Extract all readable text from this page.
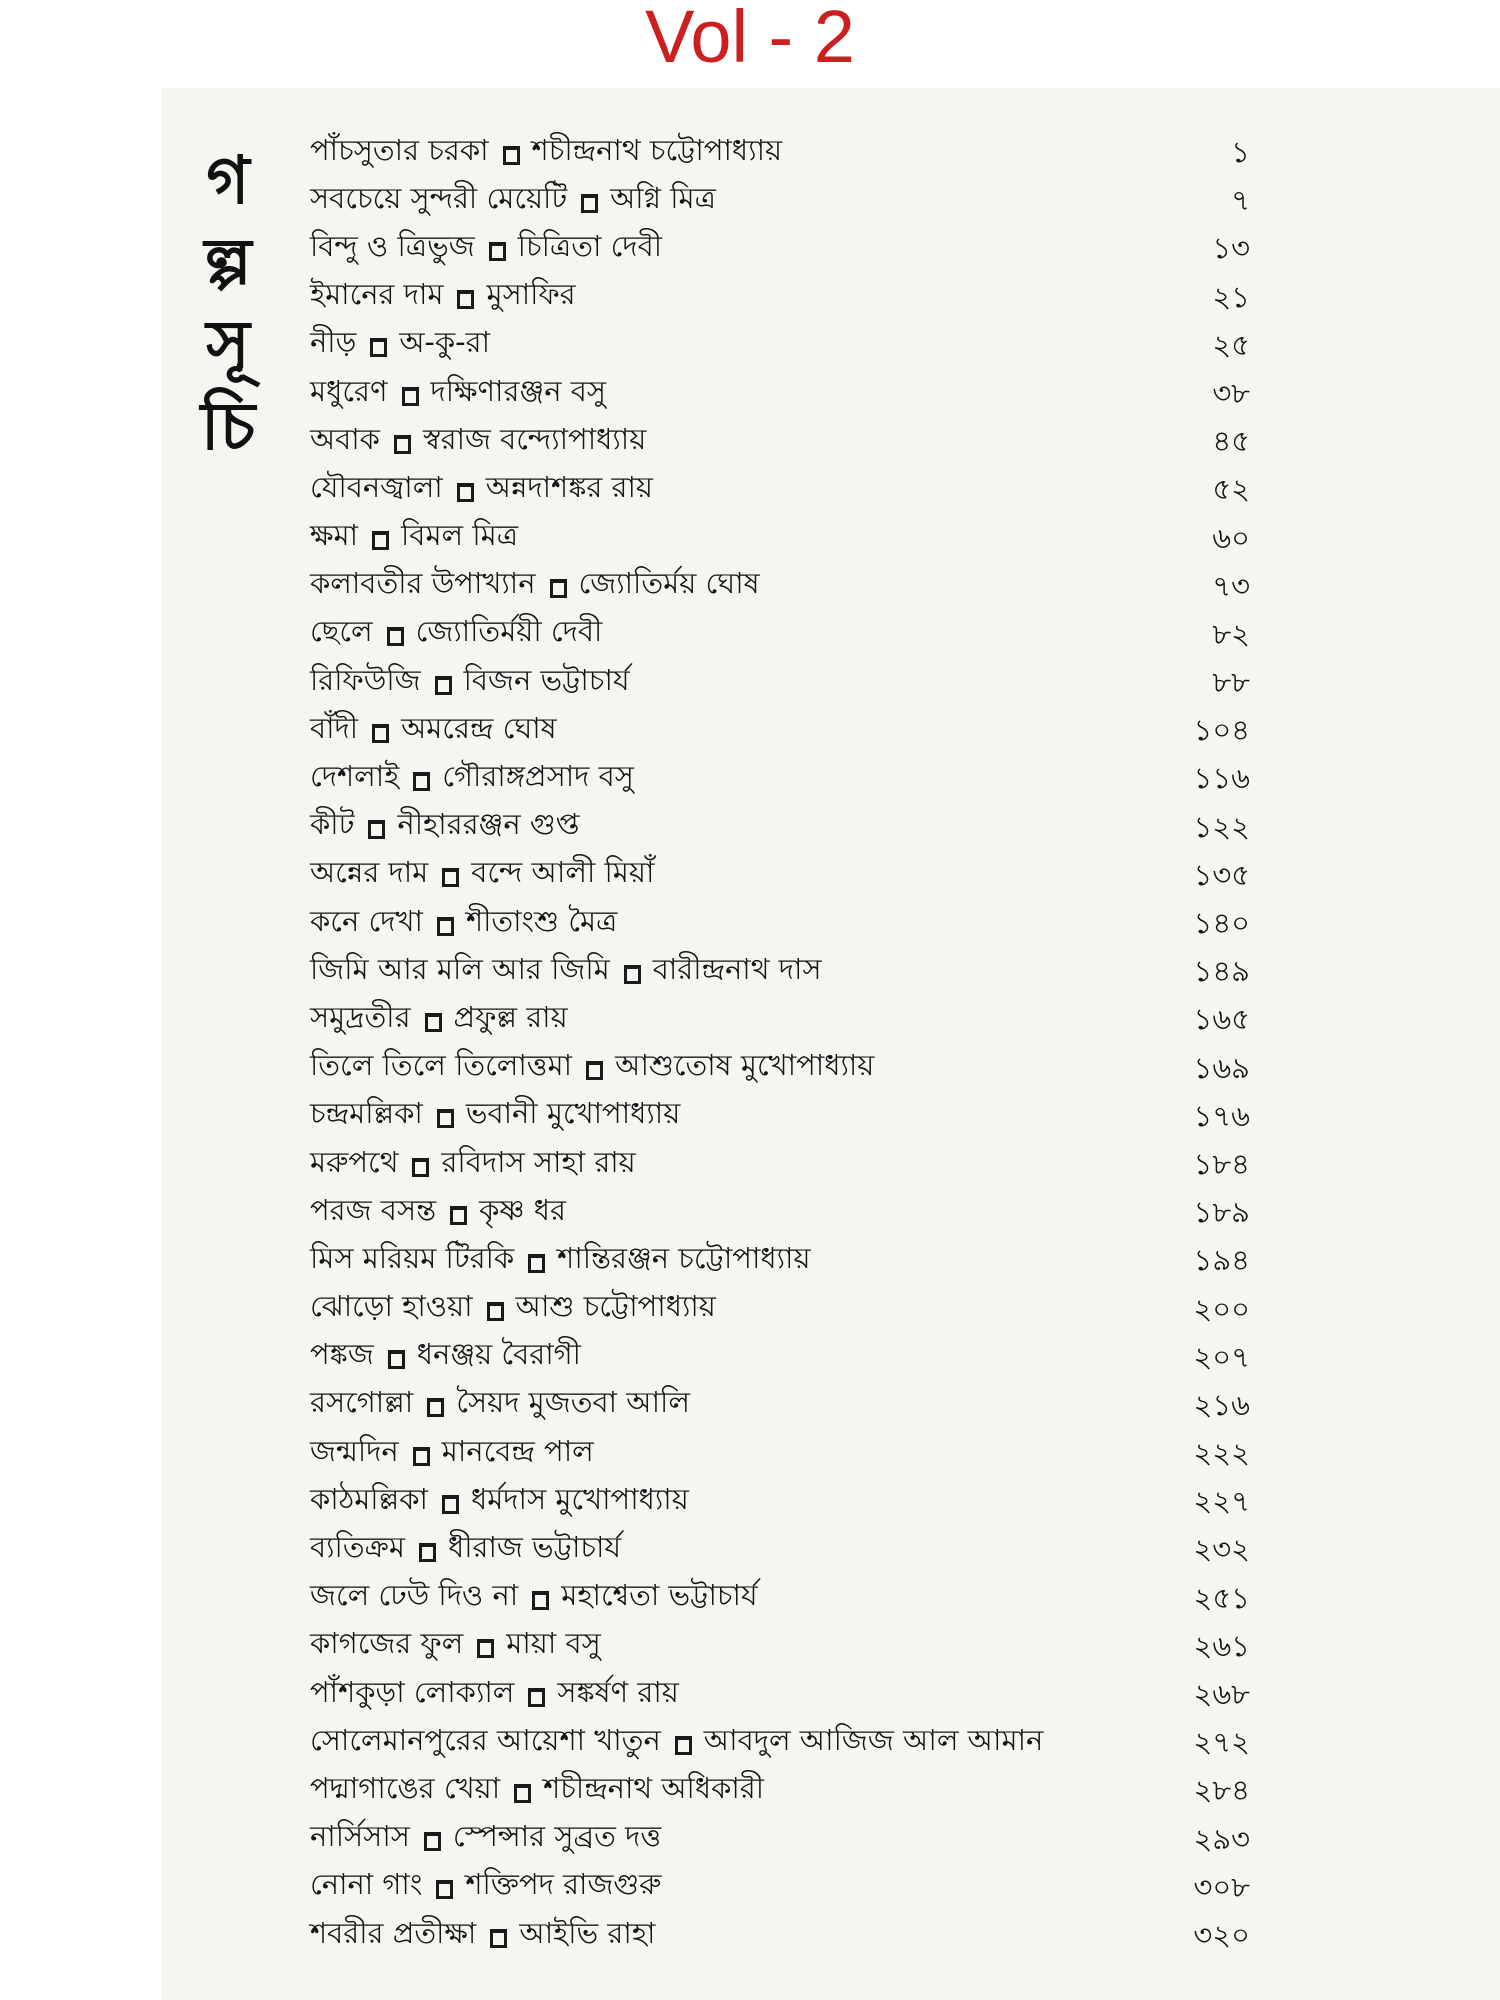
Vol - 2
গ
ল্প
সূ
চি
পাঁচসুতার চরকা শচীন্দ্রনাথ চট্টোপাধ্যায়	১
সবচেয়ে সুন্দরী মেয়েটি অগ্নি মিত্র	৭
বিন্দু ও ত্রিভুজ চিত্রিতা দেবী	১৩
ইমানের দাম মুসাফির	২১
নীড় অ-কু-রা	২৫
মধুরেণ দক্ষিণারঞ্জন বসু	৩৮
অবাক স্বরাজ বন্দ্যোপাধ্যায়	৪৫
যৌবনজ্বালা অন্নদাশঙ্কর রায়	৫২
ক্ষমা বিমল মিত্র	৬০
কলাবতীর উপাখ্যান জ্যোতির্ময় ঘোষ	৭৩
ছেলে জ্যোতির্ময়ী দেবী	৮২
রিফিউজি বিজন ভট্টাচার্য	৮৮
বাঁদী অমরেন্দ্র ঘোষ	১০৪
দেশলাই গৌরাঙ্গপ্রসাদ বসু	১১৬
কীট নীহাররঞ্জন গুপ্ত	১২২
অন্নের দাম বন্দে আলী মিয়াঁ	১৩৫
কনে দেখা শীতাংশু মৈত্র	১৪০
জিমি আর মলি আর জিমি বারীন্দ্রনাথ দাস	১৪৯
সমুদ্রতীর প্রফুল্ল রায়	১৬৫
তিলে তিলে তিলোত্তমা আশুতোষ মুখোপাধ্যায়	১৬৯
চন্দ্রমল্লিকা ভবানী মুখোপাধ্যায়	১৭৬
মরুপথে রবিদাস সাহা রায়	১৮৪
পরজ বসন্ত কৃষ্ণ ধর	১৮৯
মিস মরিয়ম টিরকি শান্তিরঞ্জন চট্টোপাধ্যায়	১৯৪
ঝোড়ো হাওয়া আশু চট্টোপাধ্যায়	২০০
পঙ্কজ ধনঞ্জয় বৈরাগী	২০৭
রসগোল্লা সৈয়দ মুজতবা আলি	২১৬
জন্মদিন মানবেন্দ্র পাল	২২২
কাঠমল্লিকা ধর্মদাস মুখোপাধ্যায়	২২৭
ব্যতিক্রম ধীরাজ ভট্টাচার্য	২৩২
জলে ঢেউ দিও না মহাশ্বেতা ভট্টাচার্য	২৫১
কাগজের ফুল মায়া বসু	২৬১
পাঁশকুড়া লোক্যাল সঙ্কর্ষণ রায়	২৬৮
সোলেমানপুরের আয়েশা খাতুন আবদুল আজিজ আল আমান	২৭২
পদ্মাগাঙের খেয়া শচীন্দ্রনাথ অধিকারী	২৮৪
নার্সিসাস স্পেন্সার সুব্রত দত্ত	২৯৩
নোনা গাং শক্তিপদ রাজগুরু	৩০৮
শবরীর প্রতীক্ষা আইভি রাহা	৩২০
